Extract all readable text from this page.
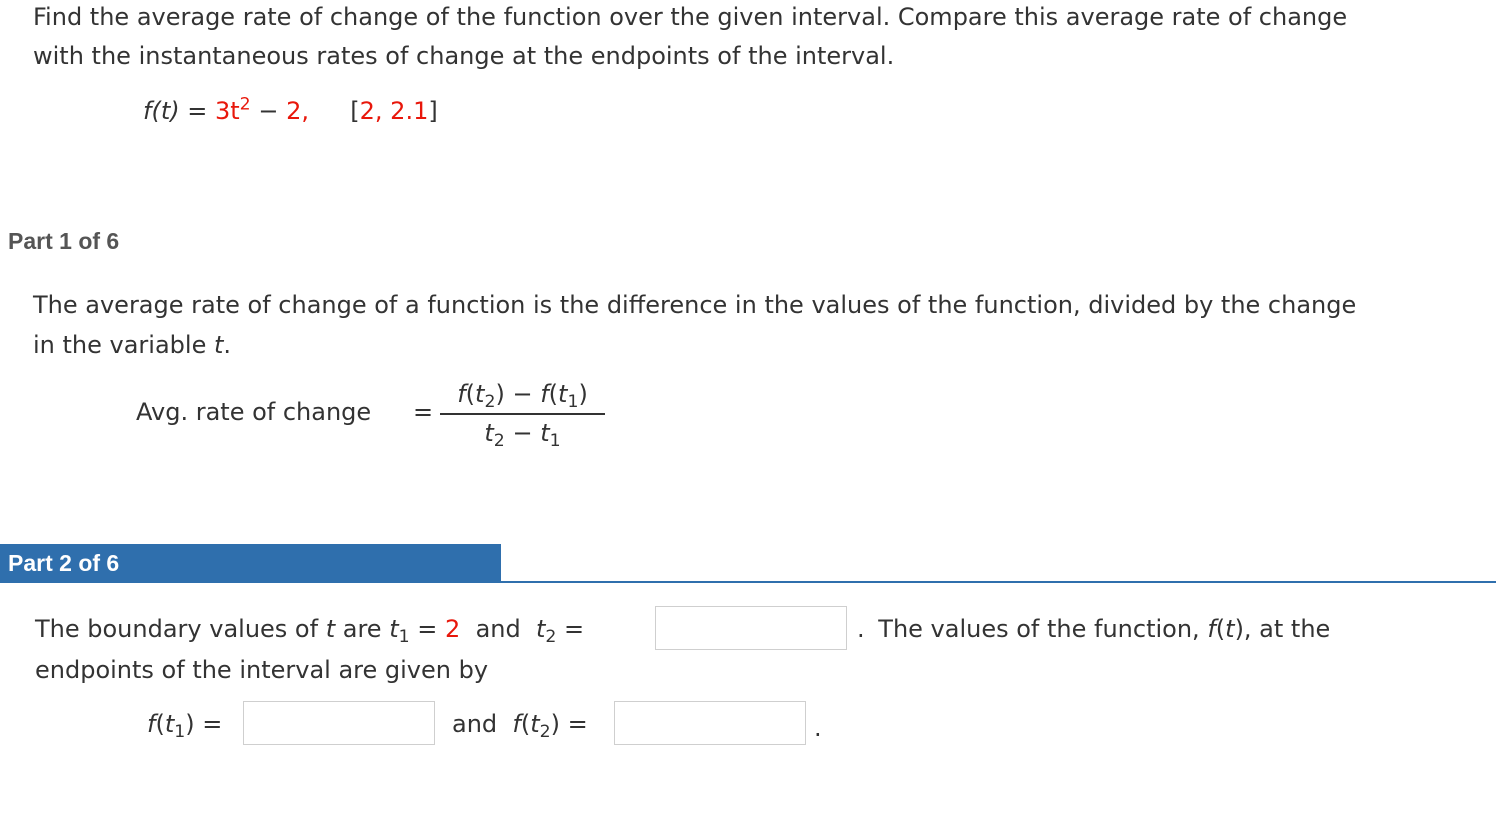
Find the average rate of change of the function over the given interval. Compare this average rate of change
with the instantaneous rates of change at the endpoints of the interval.
$f(t) = 3t^2 - 2$, [2, 2.1]
Part 1 of 6
The average rate of change of a function is the difference in the values of the function, divided by the change
in the variable t.
Avg. rate of change =
$f(t_2) - f(t_1)$
$t_2 - t_1$
Part 2 of 6
The boundary values of t are $t_1 = 2$ and $t_2$ =	. The values of the function, f(t), at the
endpoints of the interval are given by
$f(t_1)$ =	and $f(t_2)$ =	.
